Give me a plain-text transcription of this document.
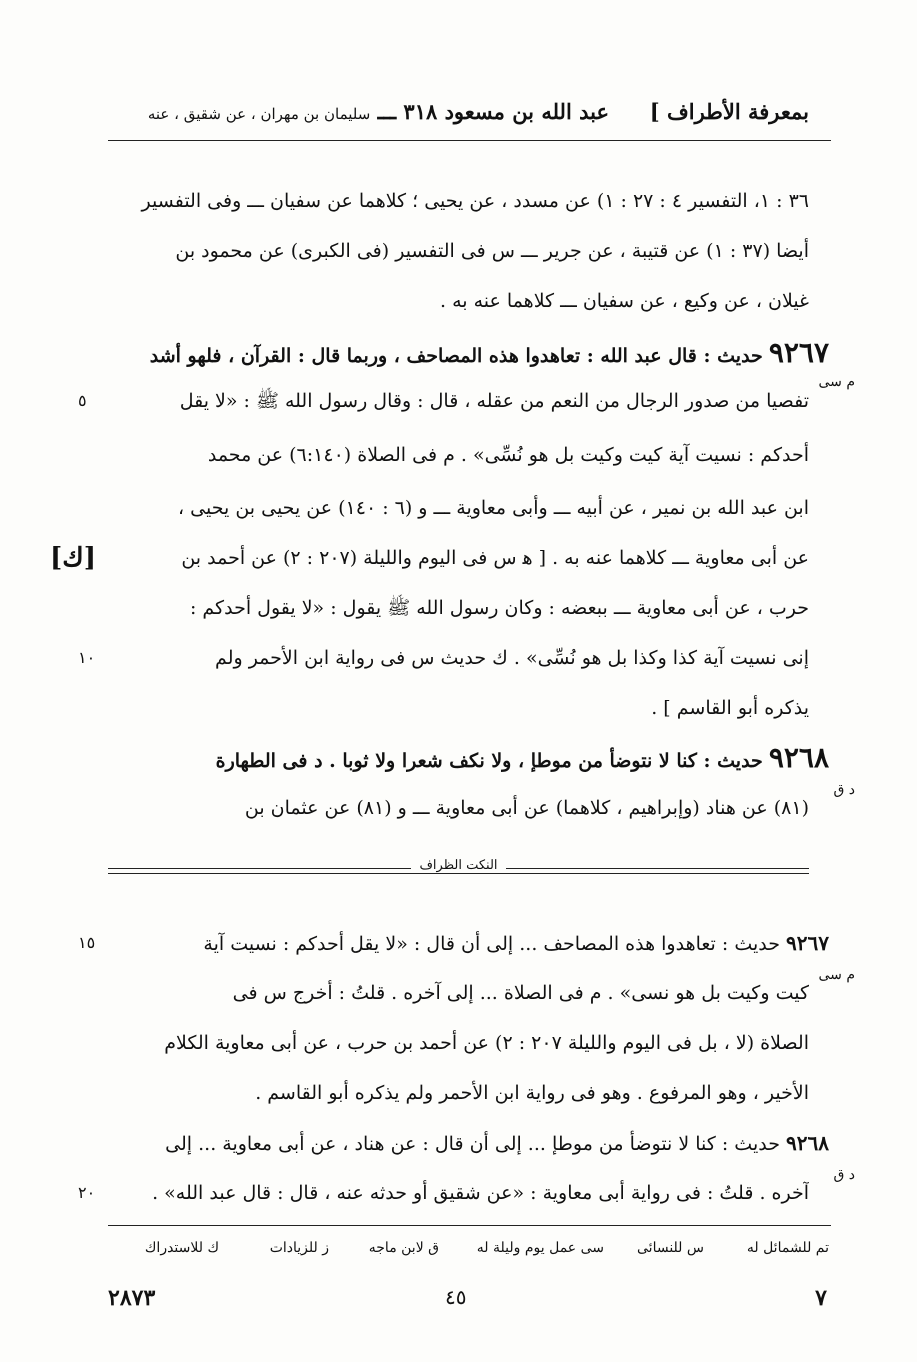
بمعرفة الأطراف ]
عبد الله بن مسعود ٣١٨ ـــ سليمان بن مهران ، عن شقيق ، عنه
٣٦ : ١، التفسير ٤ : ٢٧ : ١) عن مسدد ، عن يحيى ؛ كلاهما عن سفيان ـــ وفى التفسير
أيضا (٣٧ : ١) عن قتيبة ، عن جرير ـــ س فى التفسير (فى الكبرى) عن محمود بن
غيلان ، عن وكيع ، عن سفيان ـــ كلاهما عنه به .
٩٢٦٧ حديث : قال عبد الله : تعاهدوا هذه المصاحف ، وربما قال : القرآن ، فلهو أشد
م سى
تفصيا من صدور الرجال من النعم من عقله ، قال : وقال رسول الله ﷺ : «لا يقل
٥
أحدكم : نسيت آية كيت وكيت بل هو نُسِّى» . م فى الصلاة (٦:١٤٠) عن محمد
ابن عبد الله بن نمير ، عن أبيه ـــ وأبى معاوية ـــ و (٦ : ١٤٠) عن يحيى بن يحيى ،
عن أبى معاوية ـــ كلاهما عنه به . [ ﻫ س فى اليوم والليلة (٢٠٧ : ٢) عن أحمد بن
[ك]
حرب ، عن أبى معاوية ـــ ببعضه : وكان رسول الله ﷺ يقول : «لا يقول أحدكم :
إنى نسيت آية كذا وكذا بل هو نُسِّى» . ك حديث س فى رواية ابن الأحمر ولم
١٠
يذكره أبو القاسم ] .
٩٢٦٨ حديث : كنا لا نتوضأ من موطإ ، ولا نكف شعرا ولا ثوبا . د فى الطهارة
د ق
(٨١) عن هناد (وإبراهيم ، كلاهما) عن أبى معاوية ـــ و (٨١) عن عثمان بن
النكت الظراف
٩٢٦٧ حديث : تعاهدوا هذه المصاحف ... إلى أن قال : «لا يقل أحدكم : نسيت آية
١٥
م سى
كيت وكيت بل هو نسى» . م فى الصلاة ... إلى آخره . قلتُ : أخرج س فى
الصلاة (لا ، بل فى اليوم والليلة ٢٠٧ : ٢) عن أحمد بن حرب ، عن أبى معاوية الكلام
الأخير ، وهو المرفوع . وهو فى رواية ابن الأحمر ولم يذكره أبو القاسم .
٩٢٦٨ حديث : كنا لا نتوضأ من موطإ ... إلى أن قال : عن هناد ، عن أبى معاوية ... إلى
د ق
آخره . قلتُ : فى رواية أبى معاوية : «عن شقيق أو حدثه عنه ، قال : قال عبد الله» .
٢٠
تم للشمائل له
س للنسائى
سى عمل يوم وليلة له
ق لابن ماجه
ز للزيادات
ك للاستدراك
٧
٤٥
٢٨٧٣
